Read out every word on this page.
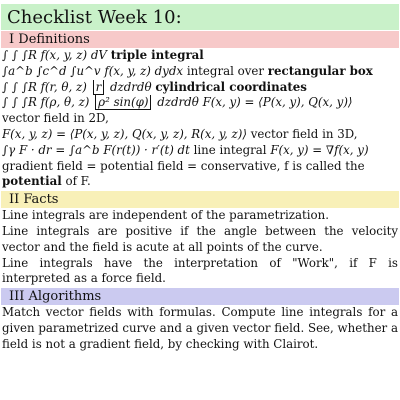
Checklist Week 10:
I Definitions
∫ ∫ ∫R f(x, y, z) dV triple integral
∫a^b ∫c^d ∫u^v f(x, y, z) dydx integral over rectangular box
∫ ∫ ∫R f(r, θ, z) r dzdrdθ cylindrical coordinates
∫ ∫ ∫R f(ρ, θ, z) ρ² sin(φ) dzdrdθ F(x, y) = ⟨P(x, y), Q(x, y)⟩
vector field in 2D,
F(x, y, z) = ⟨P(x, y, z), Q(x, y, z), R(x, y, z)⟩ vector field in 3D,
∫γ F · dr = ∫a^b F(r(t)) · r′(t) dt line integral F(x, y) = ∇f(x, y)
gradient field = potential field = conservative, f is called the
potential of F.
II Facts
Line integrals are independent of the parametrization.
Line integrals are positive if the angle between the velocity vector and the field is acute at all points of the curve.
Line integrals have the interpretation of "Work", if F is interpreted as a force field.
III Algorithms
Match vector fields with formulas. Compute line integrals for a given parametrized curve and a given vector field. See, whether a field is not a gradient field, by checking with Clairot.
